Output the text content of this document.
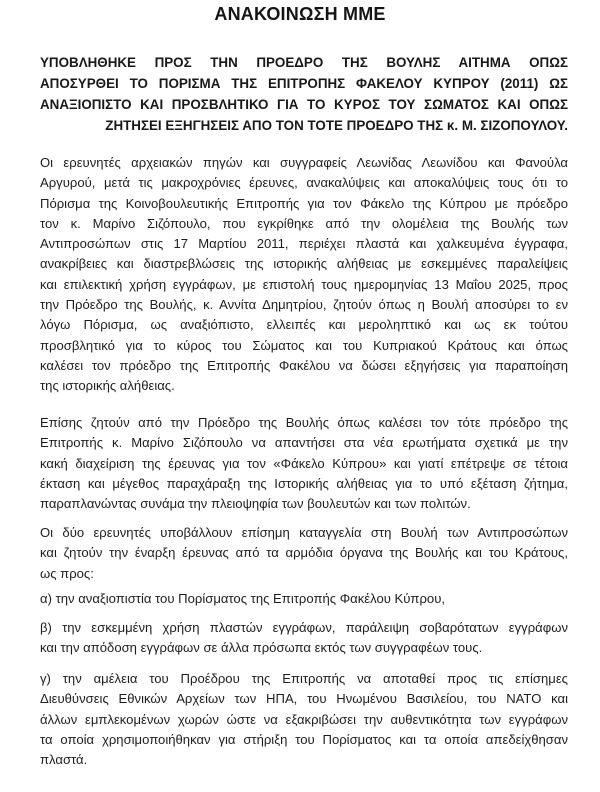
ΑΝΑΚΟΙΝΩΣΗ ΜΜΕ
ΥΠΟΒΛΗΘΗΚΕ ΠΡΟΣ ΤΗΝ ΠΡΟΕΔΡΟ ΤΗΣ ΒΟΥΛΗΣ ΑΙΤΗΜΑ ΟΠΩΣ
ΑΠΟΣΥΡΘΕΙ ΤΟ ΠΟΡΙΣΜΑ ΤΗΣ ΕΠΙΤΡΟΠΗΣ ΦΑΚΕΛΟΥ ΚΥΠΡΟΥ (2011) ΩΣ
ΑΝΑΞΙΟΠΙΣΤΟ ΚΑΙ ΠΡΟΣΒΛΗΤΙΚΟ ΓΙΑ ΤΟ ΚΥΡΟΣ ΤΟΥ ΣΩΜΑΤΟΣ ΚΑΙ ΟΠΩΣ
ΖΗΤΗΣΕΙ ΕΞΗΓΗΣΕΙΣ ΑΠΟ ΤΟΝ ΤΟΤΕ ΠΡΟΕΔΡΟ ΤΗΣ κ. Μ. ΣΙΖΟΠΟΥΛΟΥ.
Οι ερευνητές αρχειακών πηγών και συγγραφείς Λεωνίδας Λεωνίδου και Φανούλα
Αργυρού, μετά τις μακροχρόνιες έρευνες, ανακαλύψεις και αποκαλύψεις τους ότι το
Πόρισμα της Κοινοβουλευτικής Επιτροπής για τον Φάκελο της Κύπρου με πρόεδρο
τον κ. Μαρίνο Σιζόπουλο, που εγκρίθηκε από την ολομέλεια της Βουλής των
Αντιπροσώπων στις 17 Μαρτίου 2011, περιέχει πλαστά και χαλκευμένα έγγραφα,
ανακρίβειες και διαστρεβλώσεις της ιστορικής αλήθειας με εσκεμμένες παραλείψεις
και επιλεκτική χρήση εγγράφων, με επιστολή τους ημερομηνίας 13 Μαΐου 2025, προς
την Πρόεδρο της Βουλής, κ. Αννίτα Δημητρίου, ζητούν όπως η Βουλή αποσύρει το εν
λόγω Πόρισμα, ως αναξιόπιστο, ελλειπές και μεροληπτικό και ως εκ τούτου
προσβλητικό για το κύρος του Σώματος και του Κυπριακού Κράτους και όπως
καλέσει τον πρόεδρο της Επιτροπής Φακέλου να δώσει εξηγήσεις για παραποίηση
της ιστορικής αλήθειας.
Επίσης ζητούν από την Πρόεδρο της Βουλής όπως καλέσει τον τότε πρόεδρο της
Επιτροπής κ. Μαρίνο Σιζόπουλο να απαντήσει στα νέα ερωτήματα σχετικά με την
κακή διαχείριση της έρευνας για τον «Φάκελο Κύπρου» και γιατί επέτρεψε σε τέτοια
έκταση και μέγεθος παραχάραξη της Ιστορικής αλήθειας για το υπό εξέταση ζήτημα,
παραπλανώντας συνάμα την πλειοψηφία των βουλευτών και των πολιτών.
Οι δύο ερευνητές υποβάλλουν επίσημη καταγγελία στη Βουλή των Αντιπροσώπων
και ζητούν την έναρξη έρευνας από τα αρμόδια όργανα της Βουλής και του Κράτους,
ως προς:
α) την αναξιοπιστία του Πορίσματος της Επιτροπής Φακέλου Κύπρου,
β) την εσκεμμένη χρήση πλαστών εγγράφων, παράλειψη σοβαρότατων εγγράφων
και την απόδοση εγγράφων σε άλλα πρόσωπα εκτός των συγγραφέων τους.
γ) την αμέλεια του Προέδρου της Επιτροπής να αποταθεί προς τις επίσημες
Διευθύνσεις Εθνικών Αρχείων των ΗΠΑ, του Ηνωμένου Βασιλείου, του ΝΑΤΟ και
άλλων εμπλεκομένων χωρών ώστε να εξακριβώσει την αυθεντικότητα των εγγράφων
τα οποία χρησιμοποιήθηκαν για στήριξη του Πορίσματος και τα οποία απεδείχθησαν
πλαστά.
